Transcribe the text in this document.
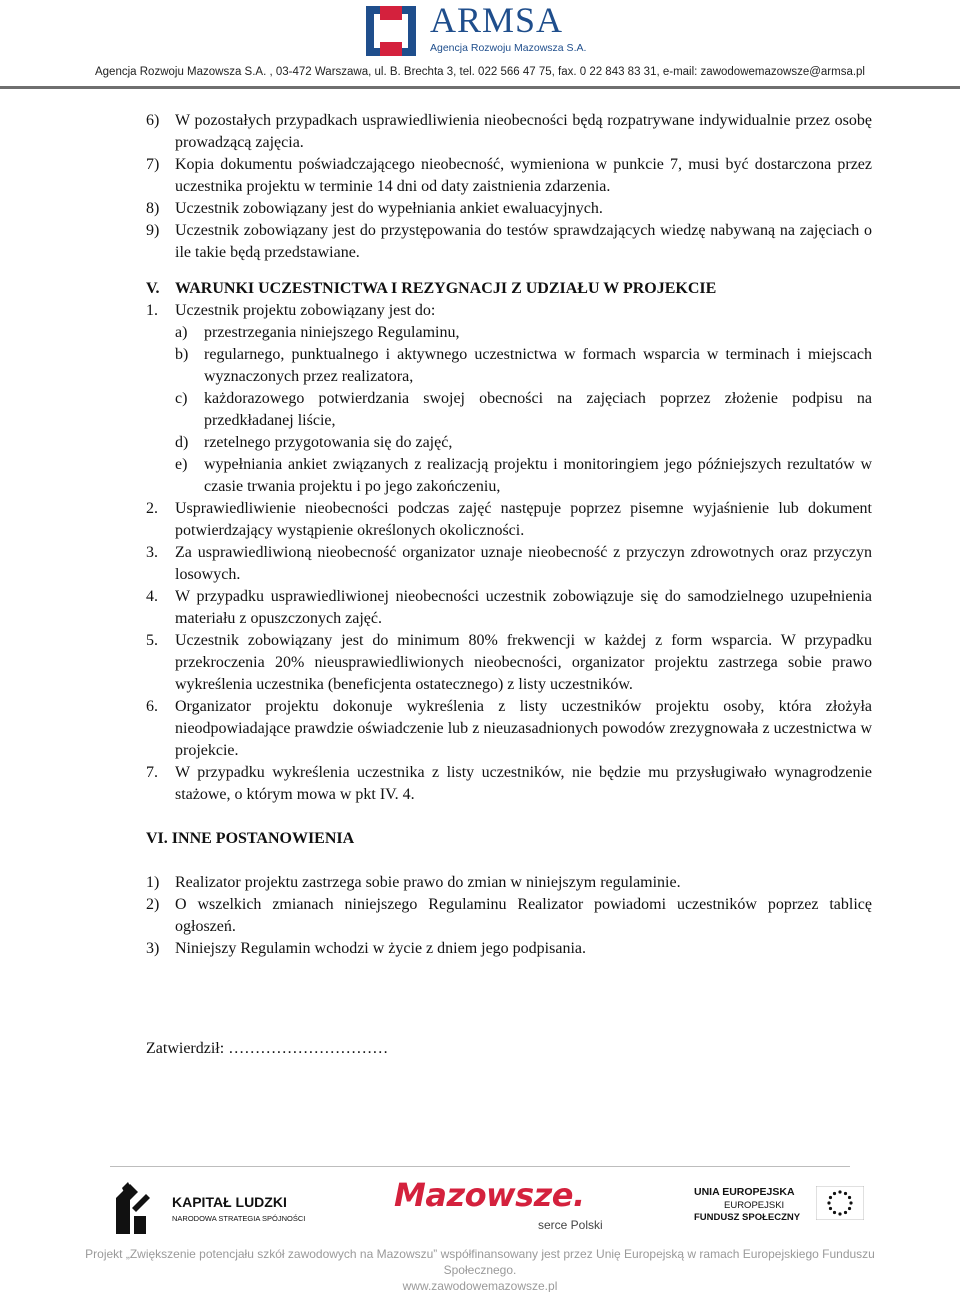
ARMSA
Agencja Rozwoju Mazowsza S.A.
Agencja Rozwoju Mazowsza S.A. , 03-472 Warszawa, ul. B. Brechta 3, tel. 022 566 47 75, fax. 0 22 843 83 31, e-mail: zawodowemazowsze@armsa.pl
6) W pozostałych przypadkach usprawiedliwienia nieobecności będą rozpatrywane indywidualnie przez osobę prowadzącą zajęcia.
7) Kopia dokumentu poświadczającego nieobecność, wymieniona w punkcie 7, musi być dostarczona przez uczestnika projektu w terminie 14 dni od daty zaistnienia zdarzenia.
8) Uczestnik zobowiązany jest do wypełniania ankiet ewaluacyjnych.
9) Uczestnik zobowiązany jest do przystępowania do testów sprawdzających wiedzę nabywaną na zajęciach o ile takie będą przedstawiane.
V. WARUNKI UCZESTNICTWA I REZYGNACJI Z UDZIAŁU W PROJEKCIE
1.	Uczestnik projektu zobowiązany jest do:
a)	przestrzegania niniejszego Regulaminu,
b) regularnego, punktualnego i aktywnego uczestnictwa w formach wsparcia w terminach i miejscach wyznaczonych przez realizatora,
c)	każdorazowego potwierdzania swojej obecności na zajęciach poprzez złożenie podpisu na przedkładanej liście,
d) rzetelnego przygotowania się do zajęć,
e)	wypełniania ankiet związanych z realizacją projektu i monitoringiem jego późniejszych rezultatów w czasie trwania projektu i po jego zakończeniu,
2.	Usprawiedliwienie nieobecności podczas zajęć następuje poprzez pisemne wyjaśnienie lub dokument potwierdzający wystąpienie określonych okoliczności.
3.	Za usprawiedliwioną nieobecność organizator uznaje nieobecność z przyczyn zdrowotnych oraz przyczyn losowych.
4.	W przypadku usprawiedliwionej nieobecności uczestnik zobowiązuje się do samodzielnego uzupełnienia materiału z opuszczonych zajęć.
5.	Uczestnik zobowiązany jest do minimum 80% frekwencji w każdej z form wsparcia. W przypadku przekroczenia 20% nieusprawiedliwionych nieobecności, organizator projektu zastrzega sobie prawo wykreślenia uczestnika (beneficjenta ostatecznego) z listy uczestników.
6.	Organizator projektu dokonuje wykreślenia z listy uczestników projektu osoby, która złożyła nieodpowiadające prawdzie oświadczenie lub z nieuzasadnionych powodów zrezygnowała z uczestnictwa w projekcie.
7.	W przypadku wykreślenia uczestnika z listy uczestników, nie będzie mu przysługiwało wynagrodzenie stażowe, o którym mowa w pkt IV. 4.
VI. INNE POSTANOWIENIA
1) Realizator projektu zastrzega sobie prawo do zmian w niniejszym regulaminie.
2) O wszelkich zmianach niniejszego Regulaminu Realizator powiadomi uczestników poprzez tablicę ogłoszeń.
3) Niniejszy Regulamin wchodzi w życie z dniem jego podpisania.
Zatwierdził: …………………………
KAPITAŁ LUDZKI
NARODOWA STRATEGIA SPÓJNOŚCI
Mazowsze.
serce Polski
UNIA EUROPEJSKA
EUROPEJSKI
FUNDUSZ SPOŁECZNY
Projekt „Zwiększenie potencjału szkół zawodowych na Mazowszu” współfinansowany jest przez Unię Europejską w ramach Europejskiego Funduszu
Społecznego.
www.zawodowemazowsze.pl
